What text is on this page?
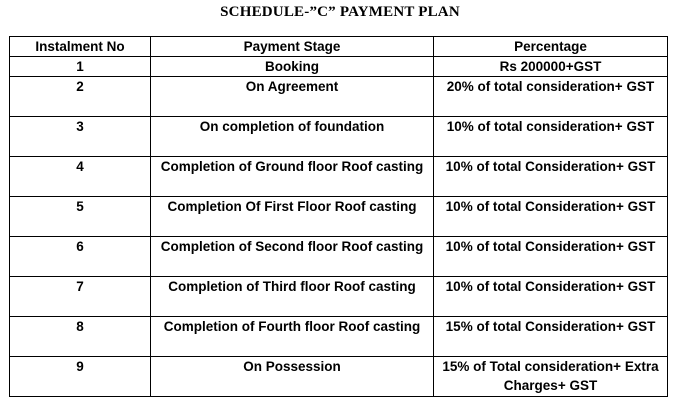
SCHEDULE-”C” PAYMENT PLAN
Instalment No	Payment Stage	Percentage
1	Booking	Rs 200000+GST
2	On Agreement	20% of total consideration+ GST
3	On completion of foundation	10% of total consideration+ GST
4	Completion of Ground floor Roof casting	10% of total Consideration+ GST
5	Completion Of First Floor Roof casting	10% of total Consideration+ GST
6	Completion of Second floor Roof casting	10% of total Consideration+ GST
7	Completion of Third floor Roof casting	10% of total Consideration+ GST
8	Completion of Fourth floor Roof casting	15% of total Consideration+ GST
9	On Possession	15% of Total consideration+ Extra Charges+ GST
